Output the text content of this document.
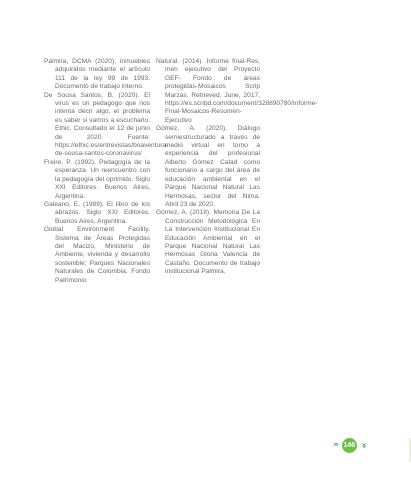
Palmira, DCMA (2020); inmuebles adquiridos mediante el artículo 111 de la ley 99 de 1993. Documento de trabajo interno.

De Sousa Santos, B. (2020). El virus es un pedagogo que nos intenta decir algo, el problema es saber si vamos a escucharlo. Ethic. Consultado el 12 de junio de 2020. Fuente: https://ethic.es/entrevistas/boaventura-de-sousa-santos-coronavirus/

Freire, P. (1992). Pedagogía de la esperanza. Un reencuentro con la pedagogía del oprimido. Siglo XXI Editores. Buenos Aires, Argentina.

Galeano, E. (1989). El libro de los abrazos. Siglo XXI Editores. Buenos Aires, Argentina.

Global Environment Facility. Sistema de Áreas Protegidas del Macizo, Ministerio de Ambiente, vivienda y desarrollo sostenible; Parques Nacionales Naturales de Colombia; Fondo Patrimonio

Natural. (2014). Informe final-Res, men ejecutivo del Proyecto GEF- Fondo de áreas protegidas-Mosaicos Scrip Marzas. Retrieved. June, 2017, https://es.scribd.com/document/328890780/Informe-Final-Mosaicos-Resumen-Ejecutivo

Gómez, A. (2020). Diálogo semiestructurado a través de medio virtual en torno a experiencia del profesional Alberto Gómez Calad como funcionario a cargo del área de educación ambiental en el Parque Nacional Natural Las Hermosas, sector del Nima. Abril 23 de 2020.

Gómez, A. (2018). Memoria De La Construcción Metodológica En La Intervención Institucional En Educación Ambiental en el Parque Nacional Natural Las Hermosas Gloria Valencia de Castaño. Documento de trabajo institucional Palmira.

» 146 »
